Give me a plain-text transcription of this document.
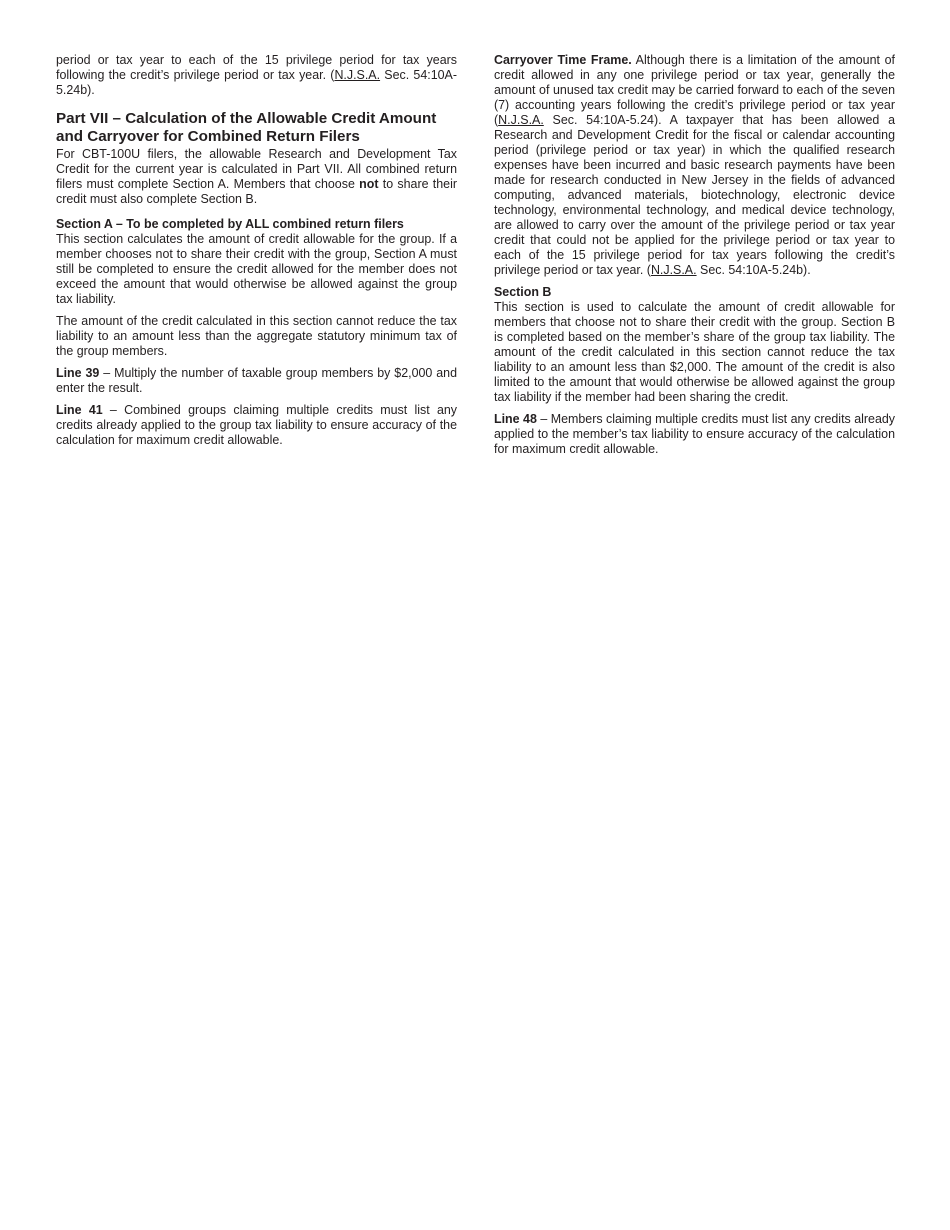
period or tax year to each of the 15 privilege period for tax years following the credit’s privilege period or tax year. (N.J.S.A. Sec. 54:10A-5.24b).

Part VII – Calculation of the Allowable Credit Amount and Carryover for Combined Return Filers

For CBT-100U filers, the allowable Research and Development Tax Credit for the current year is calculated in Part VII. All combined return filers must complete Section A. Members that choose not to share their credit must also complete Section B.

Section A – To be completed by ALL combined return filers

This section calculates the amount of credit allowable for the group. If a member chooses not to share their credit with the group, Section A must still be completed to ensure the credit allowed for the member does not exceed the amount that would otherwise be allowed against the group tax liability.

The amount of the credit calculated in this section cannot reduce the tax liability to an amount less than the aggregate statutory minimum tax of the group members.

Line 39 – Multiply the number of taxable group members by $2,000 and enter the result.

Line 41 – Combined groups claiming multiple credits must list any credits already applied to the group tax liability to ensure accuracy of the calculation for maximum credit allowable.

Carryover Time Frame. Although there is a limitation of the amount of credit allowed in any one privilege period or tax year, generally the amount of unused tax credit may be carried forward to each of the seven (7) accounting years following the credit’s privilege period or tax year (N.J.S.A. Sec. 54:10A-5.24). A taxpayer that has been allowed a Research and Development Credit for the fiscal or calendar accounting period (privilege period or tax year) in which the qualified research expenses have been incurred and basic research payments have been made for research conducted in New Jersey in the fields of advanced computing, advanced materials, biotechnology, electronic device technology, environmental technology, and medical device technology, are allowed to carry over the amount of the privilege period or tax year credit that could not be applied for the privilege period or tax year to each of the 15 privilege period for tax years following the credit’s privilege period or tax year. (N.J.S.A. Sec. 54:10A-5.24b).

Section B

This section is used to calculate the amount of credit allowable for members that choose not to share their credit with the group. Section B is completed based on the member’s share of the group tax liability. The amount of the credit calculated in this section cannot reduce the tax liability to an amount less than $2,000. The amount of the credit is also limited to the amount that would otherwise be allowed against the group tax liability if the member had been sharing the credit.

Line 48 – Members claiming multiple credits must list any credits already applied to the member’s tax liability to ensure accuracy of the calculation for maximum credit allowable.
